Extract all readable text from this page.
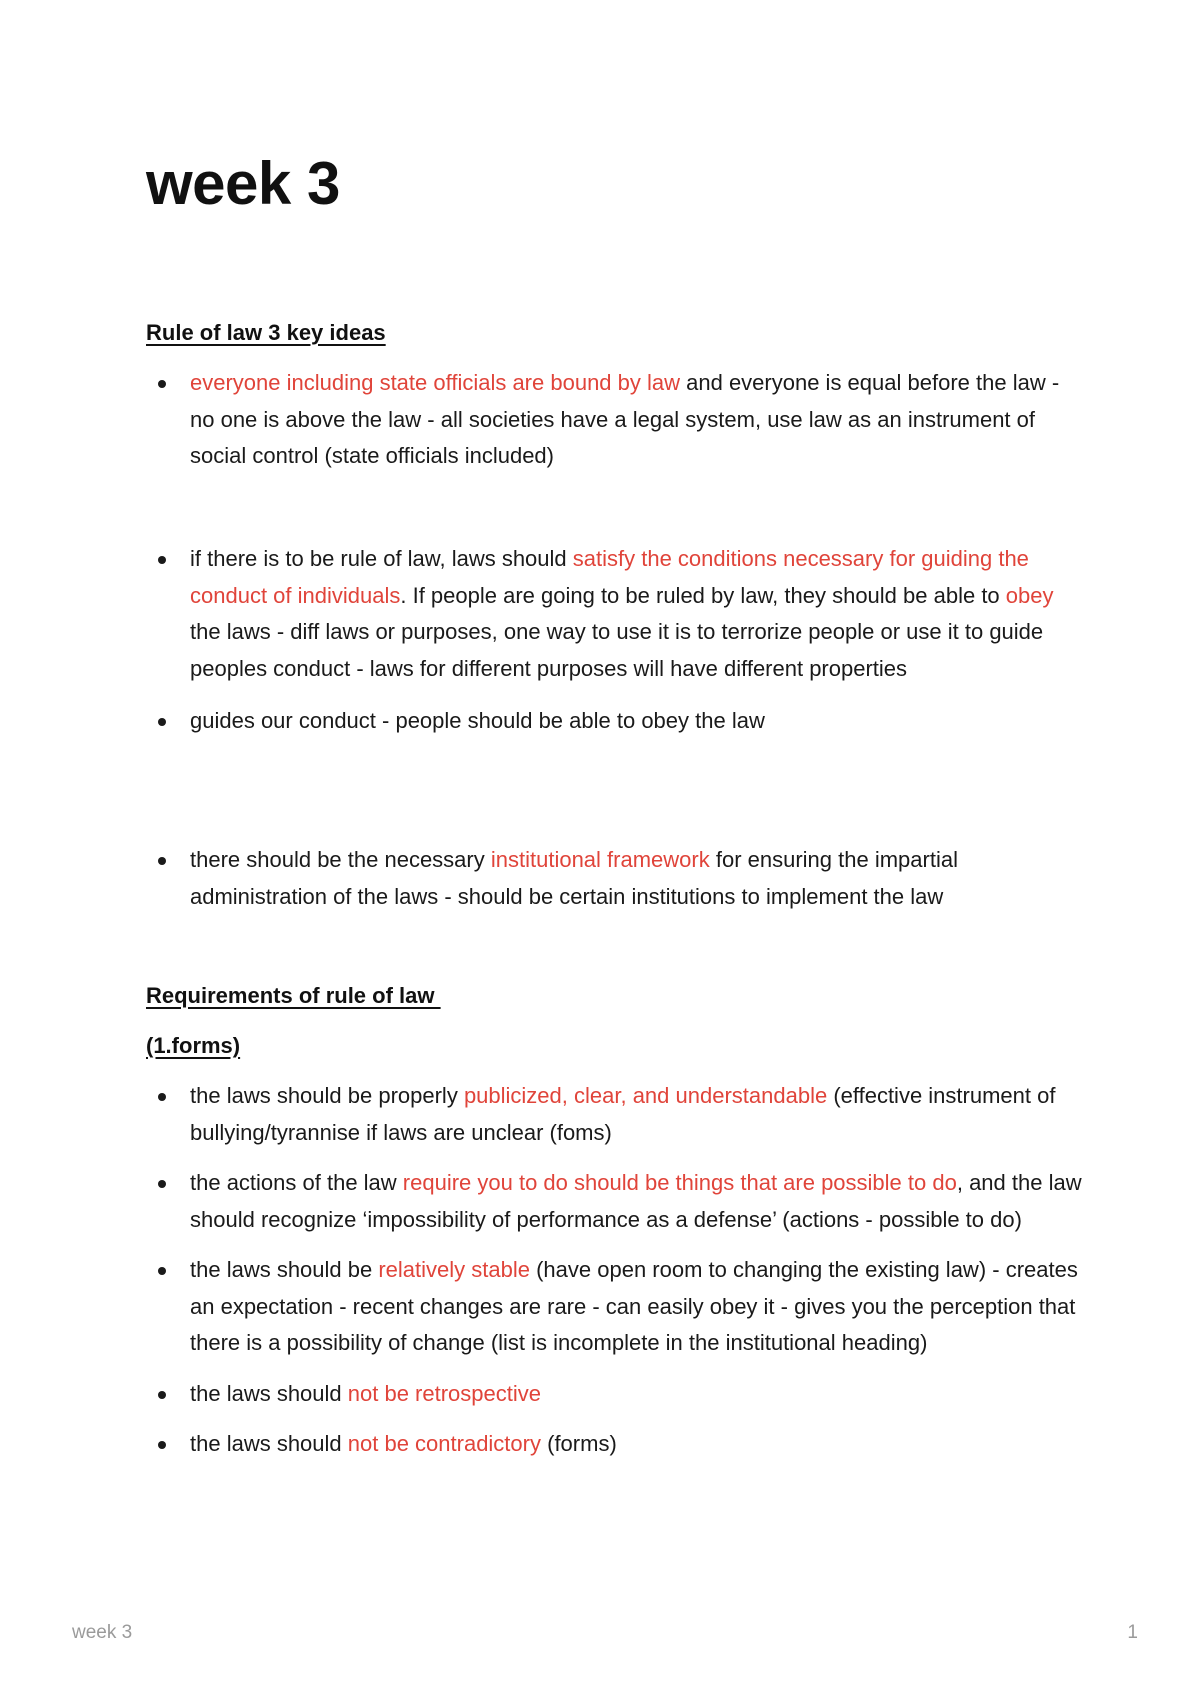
week 3
Rule of law 3 key ideas
everyone including state officials are bound by law and everyone is equal before the law - no one is above the law - all societies have a legal system, use law as an instrument of social control (state officials included)
if there is to be rule of law, laws should satisfy the conditions necessary for guiding the conduct of individuals. If people are going to be ruled by law, they should be able to obey the laws - diff laws or purposes, one way to use it is to terrorize people or use it to guide peoples conduct - laws for different purposes will have different properties
guides our conduct - people should be able to obey the law
there should be the necessary institutional framework for ensuring the impartial administration of the laws - should be certain institutions to implement the law
Requirements of rule of law
(1.forms)
the laws should be properly publicized, clear, and understandable (effective instrument of bullying/tyrannise if laws are unclear (foms)
the actions of the law require you to do should be things that are possible to do, and the law should recognize ‘impossibility of performance as a defense’ (actions - possible to do)
the laws should be relatively stable (have open room to changing the existing law) - creates an expectation - recent changes are rare - can easily obey it - gives you the perception that there is a possibility of change (list is incomplete in the institutional heading)
the laws should not be retrospective
the laws should not be contradictory (forms)
week 3	1
